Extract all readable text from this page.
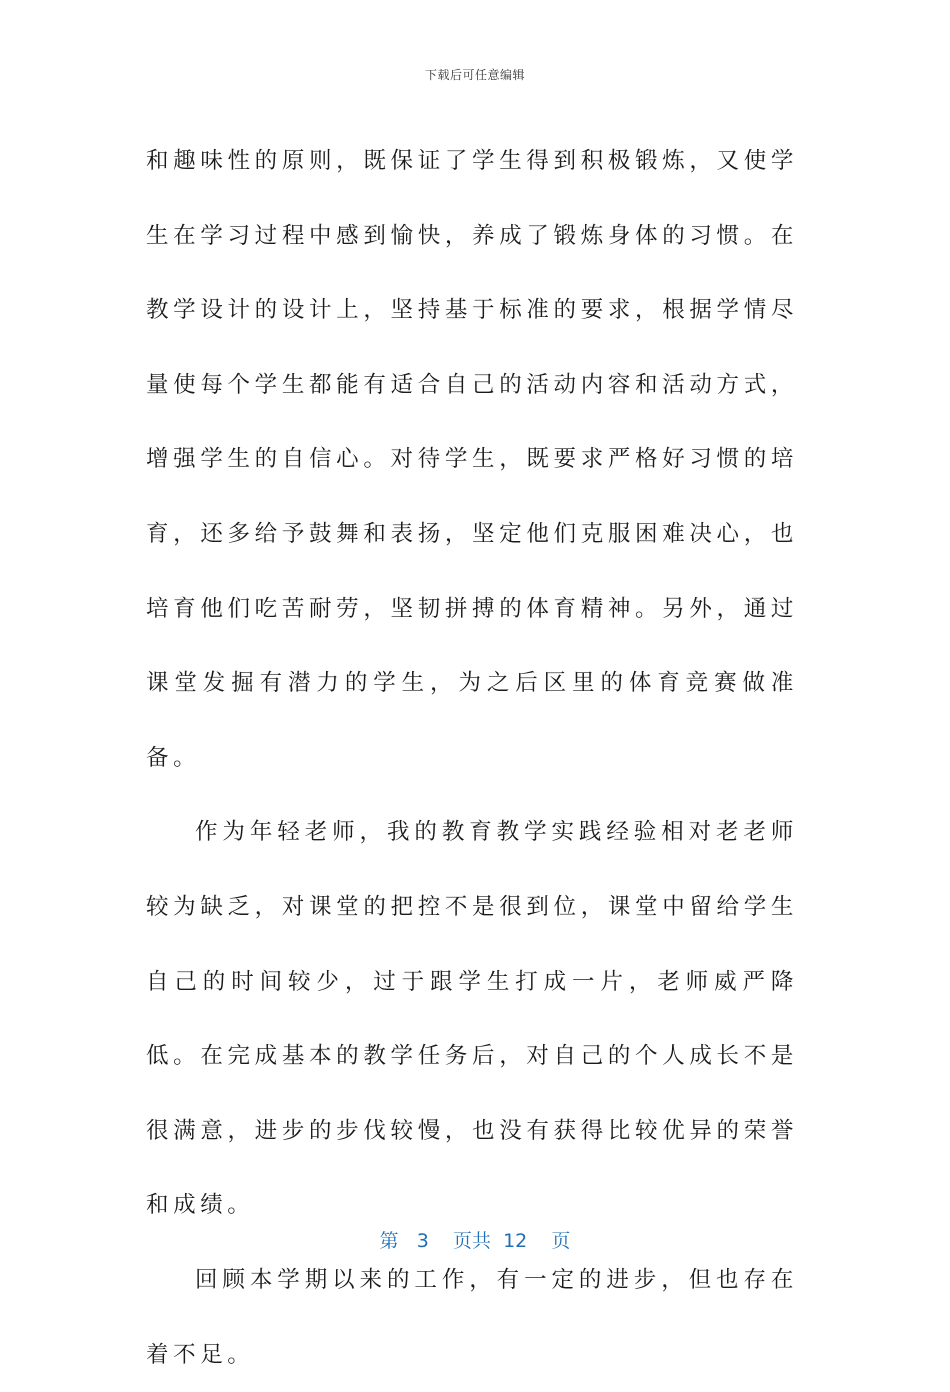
下载后可任意编辑

和趣味性的原则，既保证了学生得到积极锻炼，又使学生在学习过程中感到愉快，养成了锻炼身体的习惯。在教学设计的设计上，坚持基于标准的要求，根据学情尽量使每个学生都能有适合自己的活动内容和活动方式，增强学生的自信心。对待学生，既要求严格好习惯的培育，还多给予鼓舞和表扬，坚定他们克服困难决心，也培育他们吃苦耐劳，坚韧拼搏的体育精神。另外，通过课堂发掘有潜力的学生，为之后区里的体育竞赛做准备。

作为年轻老师，我的教育教学实践经验相对老老师较为缺乏，对课堂的把控不是很到位，课堂中留给学生自己的时间较少，过于跟学生打成一片，老师威严降低。在完成基本的教学任务后，对自己的个人成长不是很满意，进步的步伐较慢，也没有获得比较优异的荣誉和成绩。

回顾本学期以来的工作，有一定的进步，但也存在着不足。

第 3 页共 12 页
